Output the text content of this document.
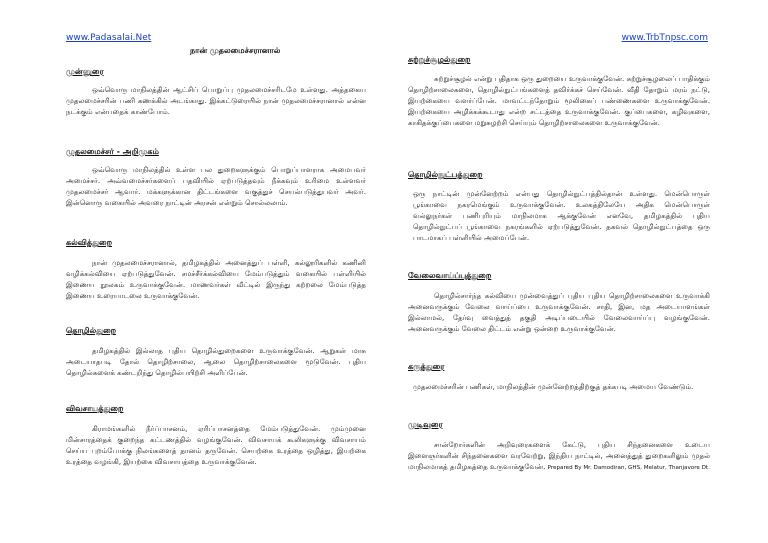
www.Padasalai.Net	www.TrbTnpsc.com
நான் முதலமைச்சரானால்
முன்னுரை
ஒவ்வொரு மாநிலத்தின் ஆட்சிப் பொறுப்பு முதலமைச்சரிடமே உள்ளது. அத்தகைய முதலமைச்சரின் பணி கணக்கில் அடங்காது. இக்கட்டுரையில் நான் முதலமைச்சரானால் என்ன நடக்கும் என்பதைக் காண்போம்.
முதலமைச்சர் - அறிமுகம்
ஒவ்வொரு மாநிலத்தில் உள்ள பல துறைகளுக்கும் பொறுப்பாளராக அமைபவர் அமைச்சர். அவ்வமைச்சர்களைப் பதவியில் ஏற்படுத்தவும் நீக்கவும் உரிமை உள்ளவர் முதலமைச்சர் ஆவார். மக்களுக்கான திட்டங்களை வகுத்துச் செயல்படுத்துபவர் அவர். இன்னொரு வகையில் அவரை நாட்டின் அரசன் என்றும் சொல்லலாம்.
கல்வித்துறை
நான் முதலமைச்சரானால், தமிழகத்தில் அனைத்துப் பள்ளி, கல்லூரிகளில் கணினி வழிக்கல்வியை ஏற்படுத்துவேன். சமச்சீர்க்கல்வியை மேம்படுத்தும் வகையில் பள்ளியில் இணைய நூலகம் உருவாக்குவேன். மாணவர்கள் வீட்டில் இருந்து கற்றலை மேம்படுத்த இணைய உரையாடலை உருவாக்குவேன்.
தொழில்துறை
தமிழகத்தில் இல்லாத புதிய தொழில்துறைகளை உருவாக்குவேன். ஆறுகள் மாசு அடையாதபடி தோல் தொழிற்சாலை, ஆலை தொழிற்சாலைகளை மூடுவேன். புதிய தொழில்களைக் கண்டறிந்து தொழில்பயிற்சி அளிப்பேன்.
விவசாயத்துறை
கிராமங்களில் நீர்ப்பாசனம், ஏரிப்பாசனத்தை மேம்படுத்துவேன். மும்முனை மின்சாரத்தைக் குறைந்த கட்டணத்தில் வழங்குவேன். விவசாயக் கூலிகளுக்கு விவசாயம் செய்ய புறம்போக்கு நிலங்களைத் தானம் தருவேன். செயற்கை உரத்தை ஒழித்து, இயற்கை உரத்தை வழங்கி, இயற்கை விவசாயத்தை உருவாக்குவேன்.
சுற்றுச்சூழல்துறை
சுற்றுச்சூழல் என்று புதிதாக ஒரு துறையை உருவாக்குவேன். சுற்றுச்சூழலைப் பாதிக்கும் தொழிற்சாலைகளை, தொழில்நுட்பங்களைத் தவிர்க்கச் செய்வேன். வீதி தோறும் மரம் நட்டு, இயற்கையை வளர்ப்பேன். மாவட்டந்தோறும் மூலிகைப் பண்ணைகளை உருவாக்குவேன். இயற்கையை அழிக்கக்கூடாது என்ற சட்டத்தை உருவாக்குவேன். குப்பைகளை, கழிவுகளை, காகிதக்குப்பைகளை மறுசுழற்சி செய்யும் தொழிற்சாலைகளை உருவாக்குவேன்.
தொழில்நுட்பத்துறை
ஒரு நாட்டின் முன்னேற்றம் என்பது தொழில்நுட்பத்தில்தான் உள்ளது. மென்பொருள் பூங்காவை நகரமெங்கும் உருவாக்குவேன். உலகத்திலேயே அதிக மென்பொருள் வல்லுநர்கள் பணிபுரியும் மாநிலமாக ஆக்குவேன் எனவே, தமிழகத்தில் புதிய தொழில்நுட்பப் பூங்காவை நகரங்களில் ஏற்படுத்துவேன். தகவல் தொழில்நுட்பத்தை ஒரு பாடமாகப் பள்ளியில் அமைப்பேன்.
வேலைவாய்ப்புத்துறை
தொழில்சார்ந்த கல்வியை முன்வைத்துப் புதிய புதிய தொழிற்சாலைகளை உருவாக்கி அனைவருக்கும் வேலை வாய்ப்பை உருவாக்குவேன். சாதி, இன, மத அடையாளங்கள் இல்லாமல், தேர்வு வைத்துத் தகுதி அடிப்படையில் வேலைவாய்ப்பு வழங்குவேன். அனைவருக்கும் வேலை திட்டம் என்று ஒன்றை உருவாக்குவேன்.
கருத்துரை
முதலமைச்சரின் பணிகள், மாநிலத்தின் முன்னேற்றத்திற்குத் தக்கபடி அமைய வேண்டும்.
முடிவுரை
சான்றோர்களின் அறிவுரைகளைக் கேட்டு, புதிய சிந்தனைகளை உடைய இளைஞர்களின் சிந்தனைகளை வரவேற்று, இந்திய நாட்டில், அனைத்துத் துறைகளிலும் முதல் மாநிலமாகத் தமிழகத்தை உருவாக்குவேன். Prepared By Mr. Damodiran, GHS, Melatur, Thanjavore Dt.
